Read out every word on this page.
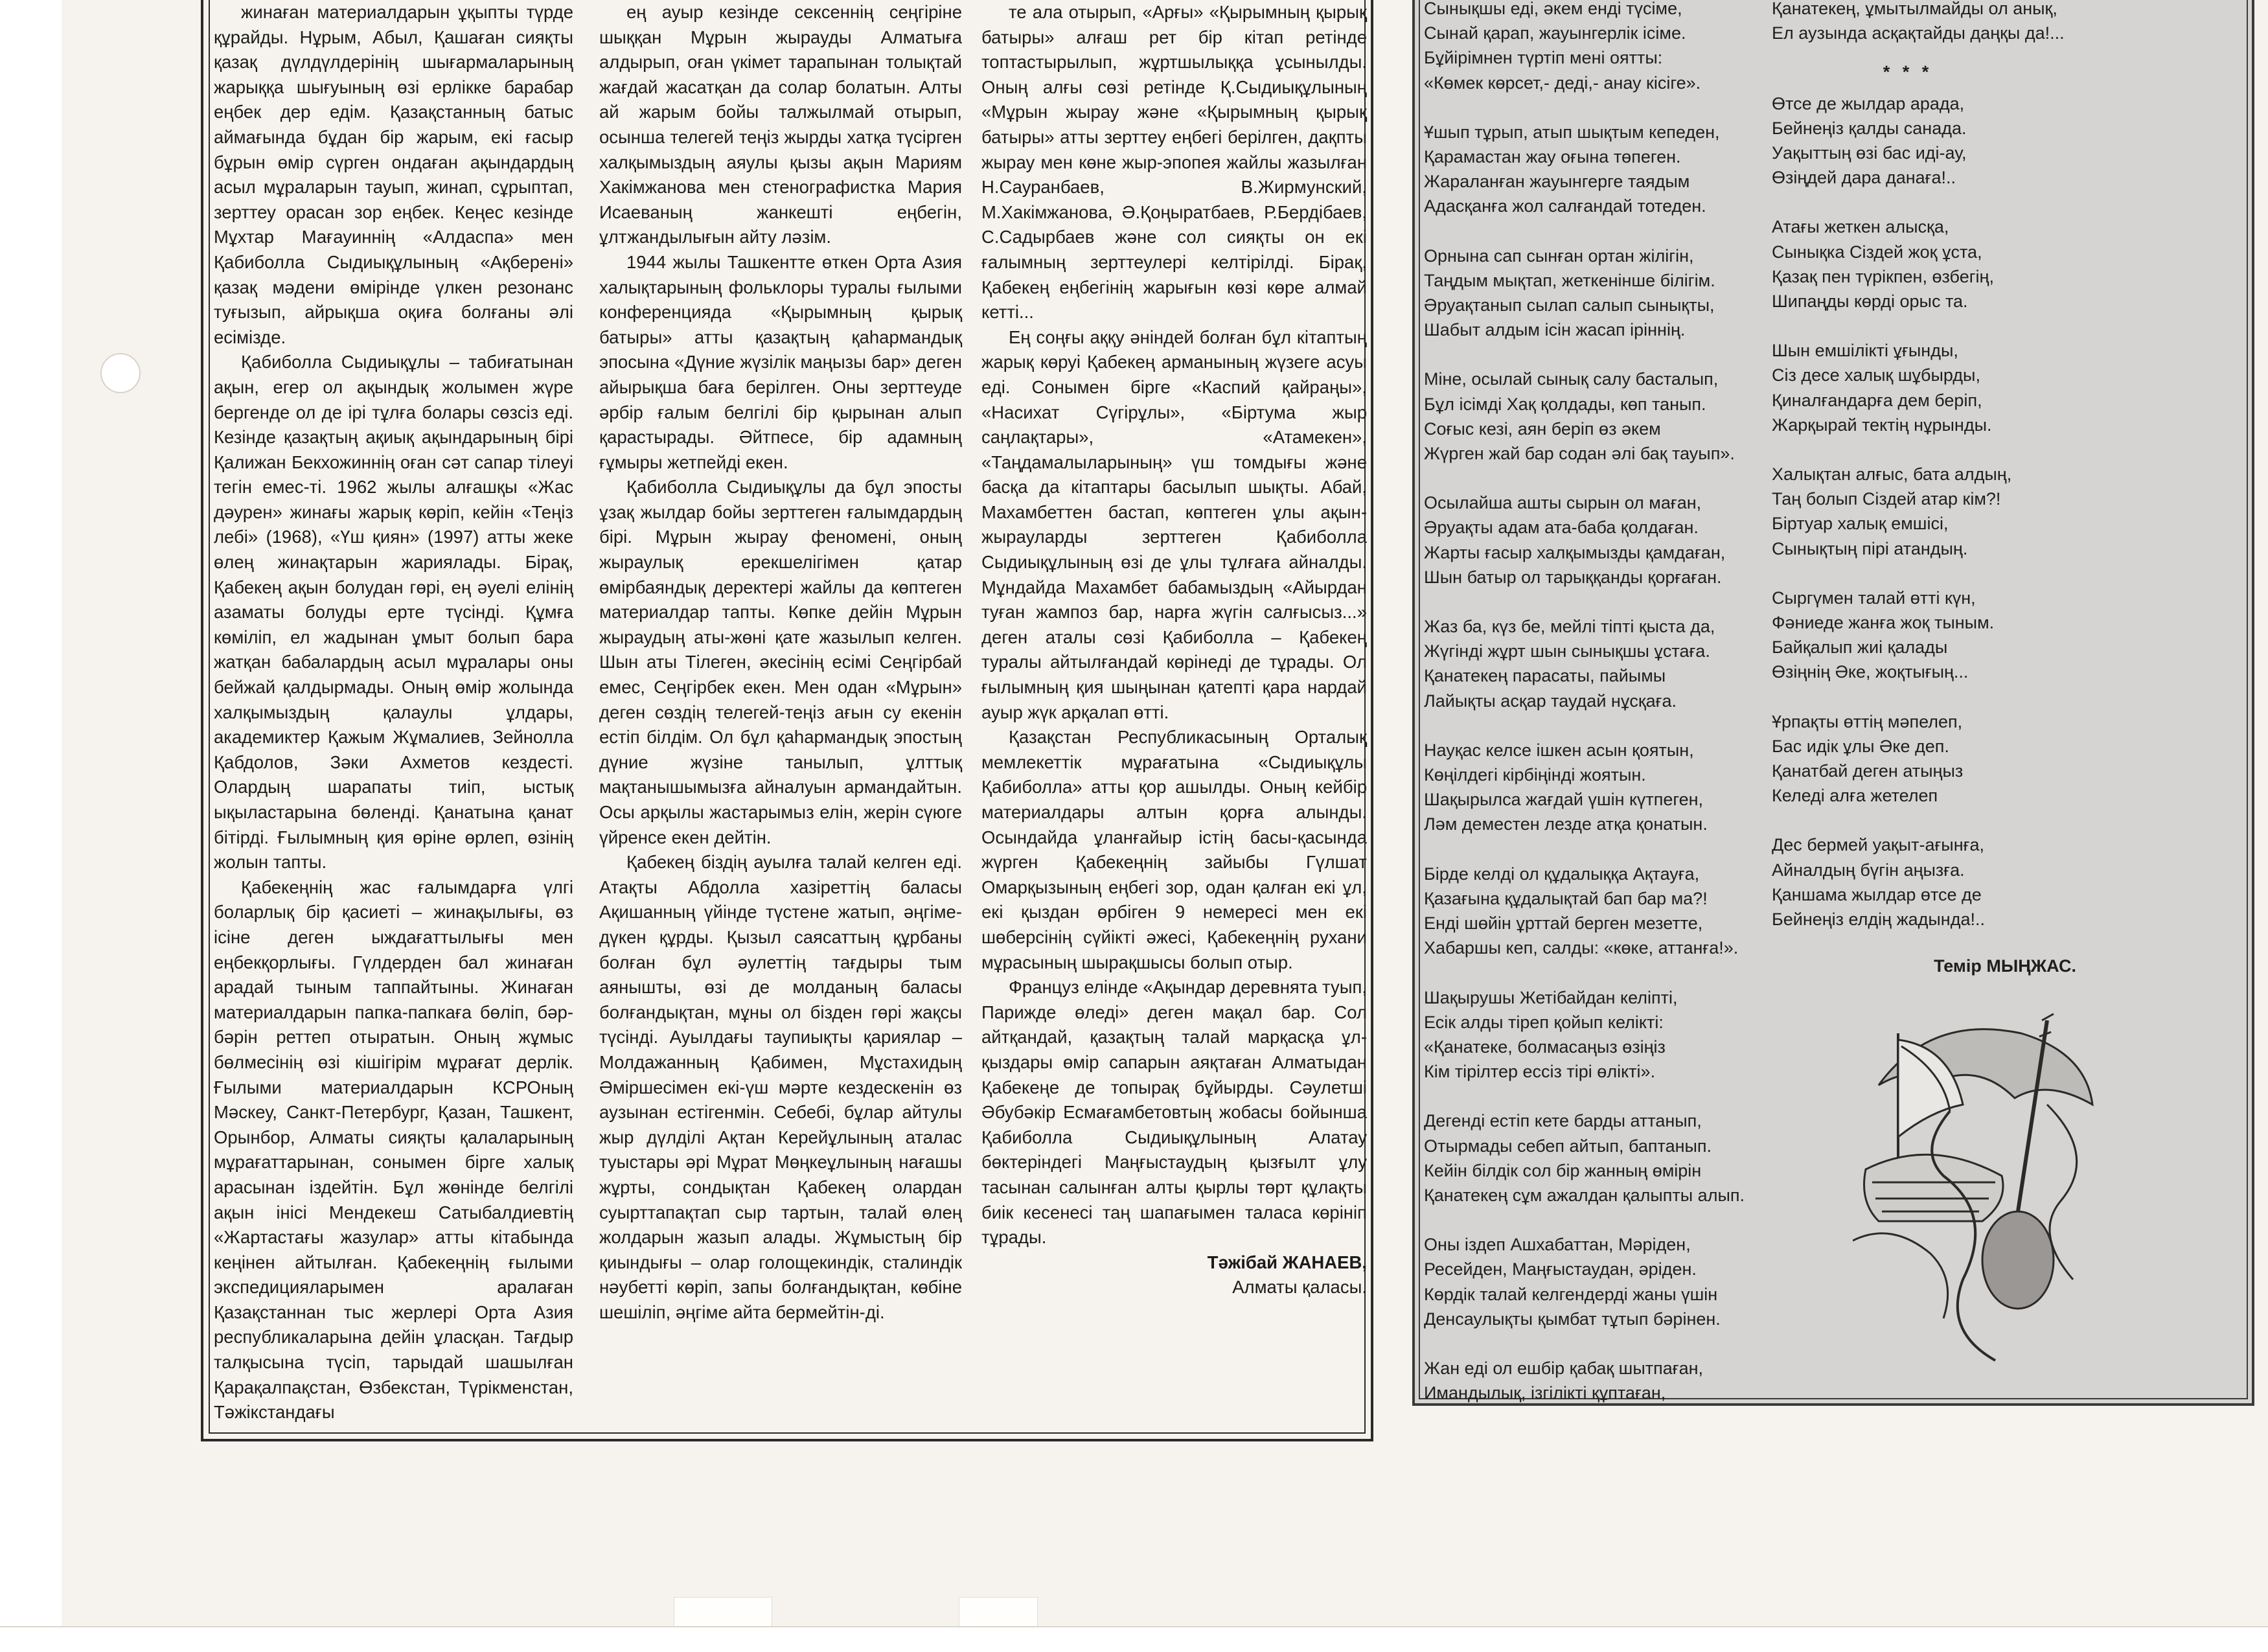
жинаған материалдарын ұқыпты түрде құрайды. Нұрым, Абыл, Қашаған сияқты қазақ дүлдүлдерінің шығармаларының жарыққа шығуының өзі ерлікке барабар еңбек дер едім. Қазақстанның батыс аймағында бұдан бір жарым, екі ғасыр бұрын өмір сүрген ондаған ақындардың асыл мұраларын тауып, жинап, сұрыптап, зерттеу орасан зор еңбек. Кеңес кезінде Мұхтар Мағауиннің «Алдаспа» мен Қабиболла Сыдиықұлының «Ақберені» қазақ мәдени өмірінде үлкен резонанс туғызып, айрықша оқиға болғаны әлі есімізде.

Қабиболла Сыдиықұлы – табиғатынан ақын, егер ол ақындық жолымен жүре бергенде ол де ірі тұлға болары сөзсіз еді. Кезінде қазақтың ақиық ақындарының бірі Қалижан Бекхожиннің оған сәт сапар тілеуі тегін емес-ті. 1962 жылы алғашқы «Жас дәурен» жинағы жарық көріп, кейін «Теңіз лебі» (1968), «Үш қиян» (1997) атты жеке өлең жинақтарын жариялады. Бірақ, Қабекең ақын болудан гөрі, ең әуелі елінің азаматы болуды ерте түсінді. Құмға көміліп, ел жадынан ұмыт болып бара жатқан бабалардың асыл мұралары оны бейжай қалдырмады. Оның өмір жолында халқымыздың қалаулы ұлдары, академиктер Қажым Жұмалиев, Зейнолла Қабдолов, Зәки Ахметов кездесті. Олардың шарапаты тиіп, ыстық ықыластарына бөленді. Қанатына қанат бітірді. Ғылымның қия өріне өрлеп, өзінің жолын тапты.

Қабекеңнің жас ғалымдарға үлгі боларлық бір қасиеті – жинақылығы, өз ісіне деген ыждағаттылығы мен еңбекқорлығы. Гүлдерден бал жинаған арадай тыным таппайтыны. Жинаған материалдарын папка-папкаға бөліп, бәр-бәрін реттеп отыратын. Оның жұмыс бөлмесінің өзі кішігірім мұрағат дерлік. Ғылыми материалдарын КСРОның Мәскеу, Санкт-Петербург, Қазан, Ташкент, Орынбор, Алматы сияқты қалаларының мұрағаттарынан, сонымен бірге халық арасынан іздейтін. Бұл жөнінде белгілі ақын інісі Мендекеш Сатыбалдиевтің «Жартастағы жазулар» атты кітабында кеңінен айтылған. Қабекеңнің ғылыми экспедицияларымен аралаған Қазақстаннан тыс жерлері Орта Азия республикаларына дейін ұласқан. Тағдыр талқысына түсіп, тарыдай шашылған Қарақалпақстан, Өзбекстан, Түрікменстан, Тәжікстандағы

ең ауыр кезінде сексеннің сеңгіріне шыққан Мұрын жырауды Алматыға алдырып, оған үкімет тарапынан толықтай жағдай жасатқан да солар болатын. Алты ай жарым бойы талжылмай отырып, осынша телегей теңіз жырды хатқа түсірген халқымыздың аяулы қызы ақын Мариям Хакімжанова мен стенографистка Мария Исаеваның жанкешті еңбегін, ұлтжандылығын айту ләзім.

1944 жылы Ташкентте өткен Орта Азия халықтарының фольклоры туралы ғылыми конференцияда «Қырымның қырық батыры» атты қазақтың қаһармандық эпосына «Дүние жүзілік маңызы бар» деген айырықша баға берілген. Оны зерттеуде әрбір ғалым белгілі бір қырынан алып қарастырады. Әйтпесе, бір адамның ғұмыры жетпейді екен.

Қабиболла Сыдиықұлы да бұл эпосты ұзақ жылдар бойы зерттеген ғалымдардың бірі. Мұрын жырау феномені, оның жыраулық ерекшелігімен қатар өмірбаяндық деректері жайлы да көптеген материалдар тапты. Көпке дейін Мұрын жыраудың аты-жөні қате жазылып келген. Шын аты Тілеген, әкесінің есімі Сеңгірбай емес, Сеңгірбек екен. Мен одан «Мұрын» деген сөздің телегей-теңіз ағын су екенін естіп білдім. Ол бұл қаһармандық эпостың дүние жүзіне танылып, ұлттық мақтанышымызға айналуын армандайтын. Осы арқылы жастарымыз елін, жерін сүюге үйренсе екен дейтін.

Қабекең біздің ауылға талай келген еді. Атақты Абдолла хазіреттің баласы Ақишанның үйінде түстене жатып, әңгіме-дүкен құрды. Қызыл саясаттың құрбаны болған бұл әулеттің тағдыры тым аянышты, өзі де молданың баласы болғандықтан, мұны ол бізден гөрі жақсы түсінді. Ауылдағы таупиықты қариялар – Молдажанның Қабимен, Мұстахидың Әміршесімен екі-үш мәрте кездескенін өз аузынан естігенмін. Себебі, бұлар айтулы жыр дүлділі Ақтан Керейұлының аталас туыстары әрі Мұрат Мөңкеұлының нағашы жұрты, сондықтан Қабекең олардан суырттапақтап сыр тартын, талай өлең жолдарын жазып алады. Жұмыстың бір қиындығы – олар голощекиндік, сталиндік нәубетті көріп, запы болғандықтан, көбіне шешіліп, әңгіме айта бермейтін-ді.

те ала отырып, «Арғы» «Қырымның қырық батыры» алғаш рет бір кітап ретінде топтастырылып, жұртшылыққа ұсынылды. Оның алғы сөзі ретінде Қ.Сыдиықұлының «Мұрын жырау және «Қырымның қырық батыры» атты зерттеу еңбегі берілген, дақпты жырау мен көне жыр-эпопея жайлы жазылған Н.Сауранбаев, В.Жирмунский, М.Хакімжанова, Ә.Қоңыратбаев, Р.Бердібаев, С.Садырбаев және сол сияқты он екі ғалымның зерттеулері келтірілді. Бірақ, Қабекең еңбегінің жарығын көзі көре алмай кетті...

Ең соңғы аққу әніндей болған бұл кітаптың жарық көруі Қабекең арманының жүзеге асуы еді. Сонымен бірге «Каспий қайраңы», «Насихат Сүгірұлы», «Біртума жыр саңлақтары», «Атамекен», «Таңдамалыларының» үш томдығы және басқа да кітаптары басылып шықты. Абай, Махамбеттен бастап, көптеген ұлы ақын-жырауларды зерттеген Қабиболла Сыдиықұлының өзі де ұлы тұлғаға айналды. Мұндайда Махамбет бабамыздың «Айырдан туған жампоз бар, нарға жүгін салғысыз...» деген аталы сөзі Қабиболла – Қабекең туралы айтылғандай көрінеді де тұрады. Ол ғылымның қия шыңынан қатепті қара нардай ауыр жүк арқалап өтті.

Қазақстан Республикасының Орталық мемлекеттік мұрағатына «Сыдиықұлы Қабиболла» атты қор ашылды. Оның кейбір материалдары алтын қорға алынды. Осындайда ұланғайыр істің басы-қасында жүрген Қабекеңнің зайыбы Гүлшат Омарқызының еңбегі зор, одан қалған екі ұл, екі қыздан өрбіген 9 немересі мен екі шөберсінің сүйікті әжесі, Қабекеңнің рухани мұрасының шырақшысы болып отыр.

Француз елінде «Ақындар деревнята туып, Парижде өледі» деген мақал бар. Сол айтқандай, қазақтың талай марқасқа ұл-қыздары өмір сапарын аяқтаған Алматыдан Қабекеңе де топырақ бұйырды. Сәулетші Әбубәкір Есмағамбетовтың жобасы бойынша Қабиболла Сыдиықұлының Алатау бөктеріндегі Маңғыстаудың қызғылт ұлу тасынан салынған алты қырлы төрт құлақты биік кесенесі таң шапағымен таласа көрініп тұрады.

Тәжібай ЖАНАЕВ,

Алматы қаласы.

Сынықшы еді, әкем енді түсіме,
Сынай қарап, жауынгерлік ісіме.
Бұйірімнен түртіп мені оятты:
«Көмек көрсет,- деді,- анау кісіге».
Ұшып тұрып, атып шықтым кепеден,
Қарамастан жау оғына төпеген.
Жараланған жауынгерге таядым
Адасқанға жол салғандай тотеден.
Орнына сап сынған ортан жілігін,
Таңдым мықтап, жеткенінше білігім.
Әруақтанып сылап салып сынықты,
Шабыт алдым ісін жасап іріннің.
Міне, осылай сынық салу басталып,
Бұл ісімді Хақ қолдады, көп танып.
Соғыс кезі, аян беріп өз әкем
Жүрген жай бар содан әлі бақ тауып».
Осылайша ашты сырын ол маған,
Әруақты адам ата-баба қолдаған.
Жарты ғасыр халқымызды қамдаған,
Шын батыр ол тарыққанды қорғаған.
Жаз ба, күз бе, мейлі тіпті қыста да,
Жүгінді жұрт шын сынықшы ұстаға.
Қанатекең парасаты, пайымы
Лайықты асқар таудай нұсқаға.
Науқас келсе ішкен асын қоятын,
Көңілдегі кірбіңінді жоятын.
Шақырылса жағдай үшін күтпеген,
Ләм деместен лезде атқа қонатын.
Бірде келді ол құдалыққа Ақтауға,
Қазағына құдалықтай бап бар ма?!
Енді шөйін ұрттай берген мезетте,
Хабаршы кеп, салды: «көке, аттанға!».
Шақырушы Жетібайдан келіпті,
Есік алды тіреп қойып келікті:
«Қанатеке, болмасаңыз өзіңіз
Кім тірілтер ессіз тірі өлікті».
Дегенді естіп кете барды аттанып,
Отырмады себеп айтып, баптанып.
Кейін білдік сол бір жанның өмірін
Қанатекең сұм ажалдан қалыпты алып.
Оны іздеп Ашхабаттан, Мәріден,
Ресейден, Маңғыстаудан, әріден.
Көрдік талай келгендерді жаны үшін
Денсаулықты қымбат тұтып бәрінен.
Жан еді ол ешбір қабақ шытпаған,
Имандылық, ізгілікті құптаған,
Қанатекең, ұмытылмайды ол анық,
Ел аузында асқақтайды даңқы да!...
* * *
Өтсе де жылдар арада,
Бейнеңіз қалды санада.
Уақыттың өзі бас иді-ау,
Өзіңдей дара данаға!..
Атағы жеткен алысқа,
Сынықка Сіздей жоқ ұста,
Қазақ пен түрікпен, өзбегің,
Шипаңды көрді орыс та.
Шын емшілікті ұғынды,
Сіз десе халық шұбырды,
Қиналғандарға дем беріп,
Жарқырай тектің нұрынды.
Халықтан алғыс, бата алдың,
Таң болып Сіздей атар кім?!
Біртуар халық емшісі,
Сынықтың пірі атандың.
Сыргүмен талай өтті күн,
Фәниеде жанға жоқ тыным.
Байқалып жиі қалады
Өзіңнің Әке, жоқтығың...
Ұрпақты өттің мәпелеп,
Бас идік ұлы Әке деп.
Қанатбай деген атыңыз
Келеді алға жетелеп
Дес бермей уақыт-ағынға,
Айналдың бүгін аңызға.
Қаншама жылдар өтсе де
Бейнеңіз елдің жадында!..
Темір МЫҢЖАС.
